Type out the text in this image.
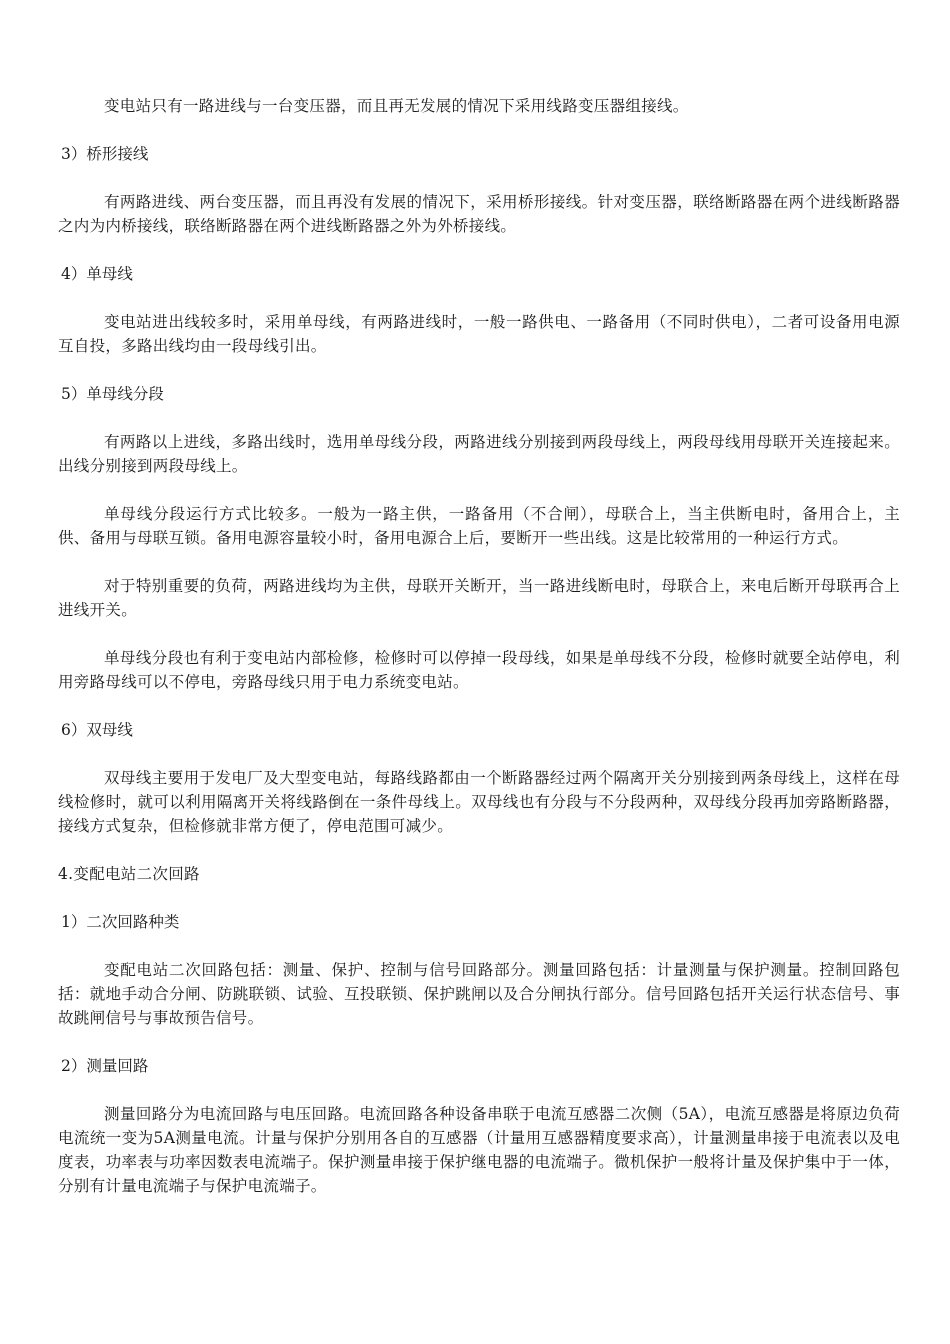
变电站只有一路进线与一台变压器，而且再无发展的情况下采用线路变压器组接线。

3）桥形接线

有两路进线、两台变压器，而且再没有发展的情况下，采用桥形接线。针对变压器，联络断路器在两个进线断路器之内为内桥接线，联络断路器在两个进线断路器之外为外桥接线。

4）单母线

变电站进出线较多时，采用单母线，有两路进线时，一般一路供电、一路备用（不同时供电），二者可设备用电源互自投，多路出线均由一段母线引出。

5）单母线分段

有两路以上进线，多路出线时，选用单母线分段，两路进线分别接到两段母线上，两段母线用母联开关连接起来。出线分别接到两段母线上。

单母线分段运行方式比较多。一般为一路主供，一路备用（不合闸），母联合上，当主供断电时，备用合上，主供、备用与母联互锁。备用电源容量较小时，备用电源合上后，要断开一些出线。这是比较常用的一种运行方式。

对于特别重要的负荷，两路进线均为主供，母联开关断开，当一路进线断电时，母联合上，来电后断开母联再合上进线开关。

单母线分段也有利于变电站内部检修，检修时可以停掉一段母线，如果是单母线不分段，检修时就要全站停电，利用旁路母线可以不停电，旁路母线只用于电力系统变电站。

6）双母线

双母线主要用于发电厂及大型变电站，每路线路都由一个断路器经过两个隔离开关分别接到两条母线上，这样在母线检修时，就可以利用隔离开关将线路倒在一条件母线上。双母线也有分段与不分段两种，双母线分段再加旁路断路器，接线方式复杂，但检修就非常方便了，停电范围可减少。

4.变配电站二次回路

1）二次回路种类

变配电站二次回路包括：测量、保护、控制与信号回路部分。测量回路包括：计量测量与保护测量。控制回路包括：就地手动合分闸、防跳联锁、试验、互投联锁、保护跳闸以及合分闸执行部分。信号回路包括开关运行状态信号、事故跳闸信号与事故预告信号。

2）测量回路

测量回路分为电流回路与电压回路。电流回路各种设备串联于电流互感器二次侧（5A），电流互感器是将原边负荷电流统一变为5A测量电流。计量与保护分别用各自的互感器（计量用互感器精度要求高），计量测量串接于电流表以及电度表，功率表与功率因数表电流端子。保护测量串接于保护继电器的电流端子。微机保护一般将计量及保护集中于一体，分别有计量电流端子与保护电流端子。
